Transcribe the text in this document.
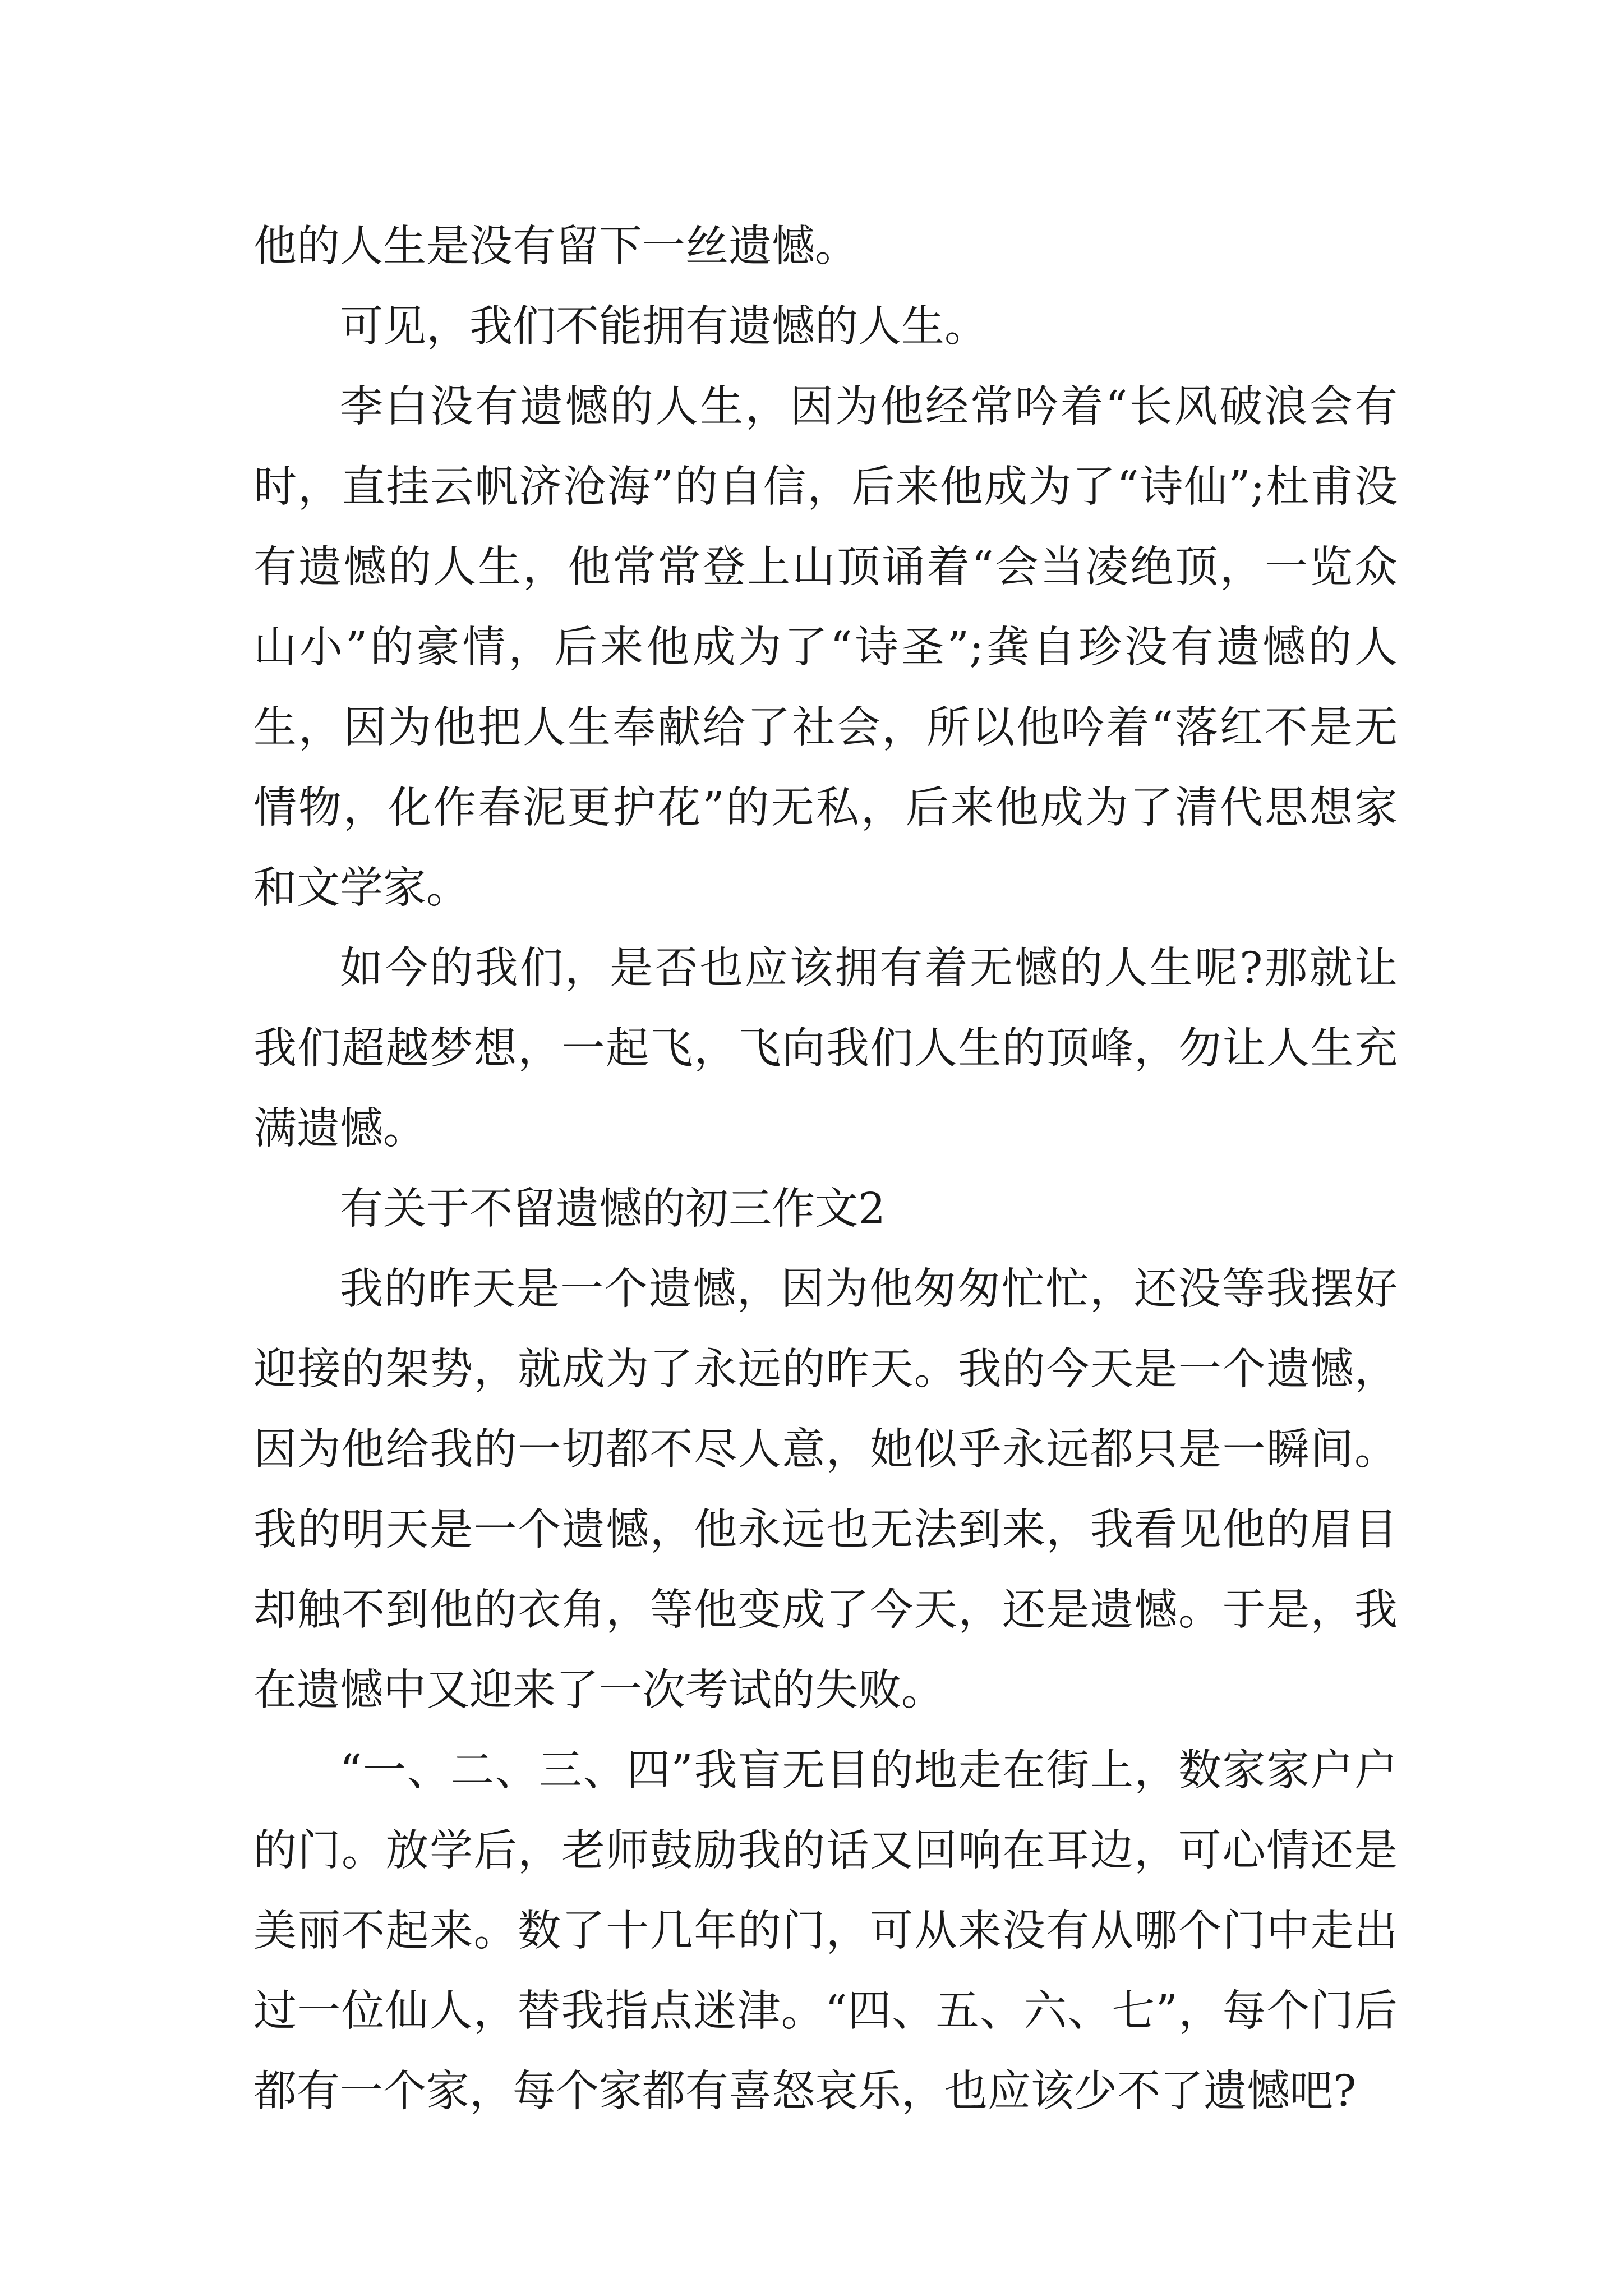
他的人生是没有留下一丝遗憾。

可见，我们不能拥有遗憾的人生。

李白没有遗憾的人生，因为他经常吟着“长风破浪会有时，直挂云帆济沧海”的自信，后来他成为了“诗仙”;杜甫没有遗憾的人生，他常常登上山顶诵着“会当凌绝顶，一览众山小”的豪情，后来他成为了“诗圣”;龚自珍没有遗憾的人生，因为他把人生奉献给了社会，所以他吟着“落红不是无情物，化作春泥更护花”的无私，后来他成为了清代思想家和文学家。

如今的我们，是否也应该拥有着无憾的人生呢?那就让我们超越梦想，一起飞，飞向我们人生的顶峰，勿让人生充满遗憾。

有关于不留遗憾的初三作文2

我的昨天是一个遗憾，因为他匆匆忙忙，还没等我摆好迎接的架势，就成为了永远的昨天。我的今天是一个遗憾，因为他给我的一切都不尽人意，她似乎永远都只是一瞬间。我的明天是一个遗憾，他永远也无法到来，我看见他的眉目却触不到他的衣角，等他变成了今天，还是遗憾。于是，我在遗憾中又迎来了一次考试的失败。

“一、二、三、四”我盲无目的地走在街上，数家家户户的门。放学后，老师鼓励我的话又回响在耳边，可心情还是美丽不起来。数了十几年的门，可从来没有从哪个门中走出过一位仙人，替我指点迷津。“四、五、六、七”，每个门后都有一个家，每个家都有喜怒哀乐，也应该少不了遗憾吧?
